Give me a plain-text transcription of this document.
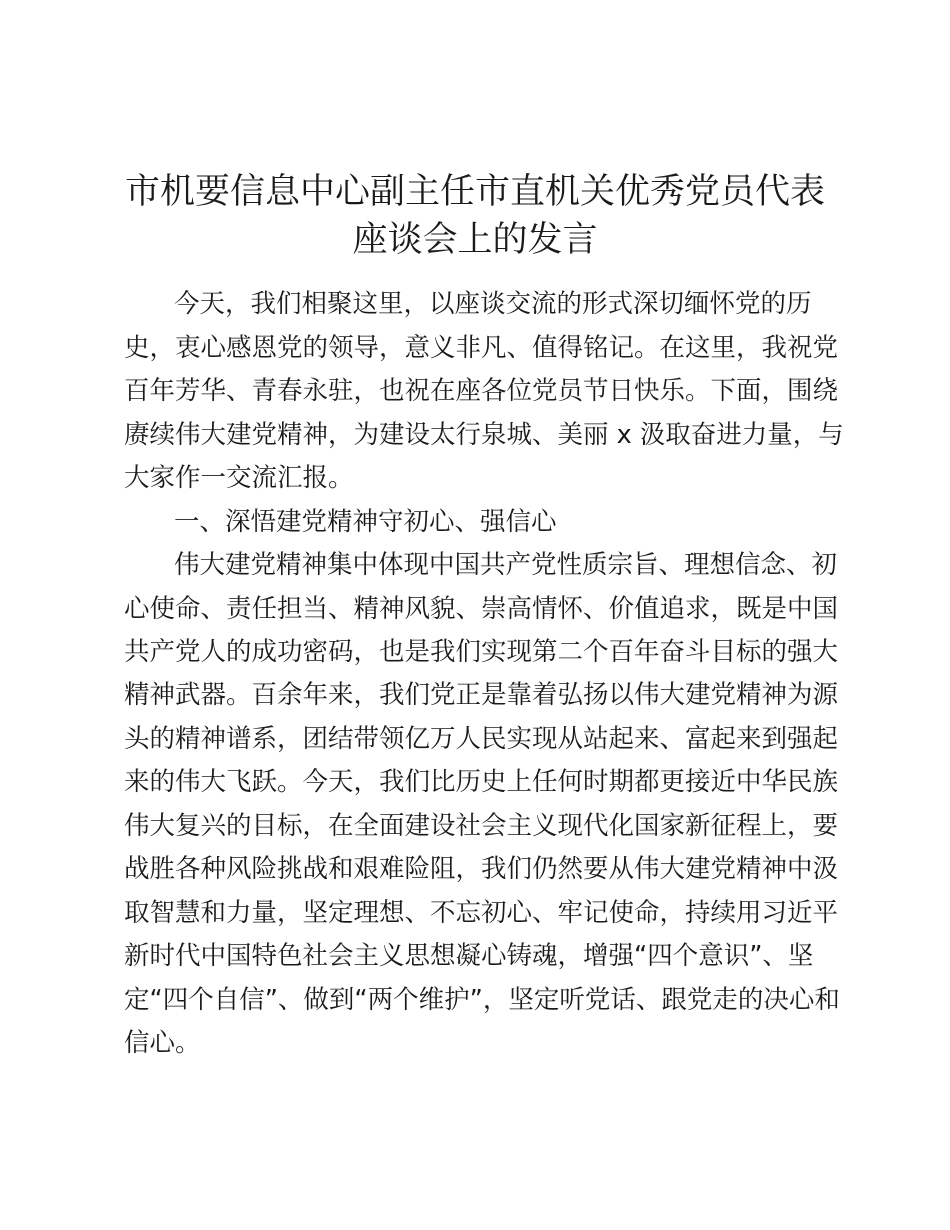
市机要信息中心副主任市直机关优秀党员代表
座谈会上的发言

今天，我们相聚这里，以座谈交流的形式深切缅怀党的历

史，衷心感恩党的领导，意义非凡、值得铭记。在这里，我祝党

百年芳华、青春永驻，也祝在座各位党员节日快乐。下面，围绕

赓续伟大建党精神，为建设太行泉城、美丽 x 汲取奋进力量，与

大家作一交流汇报。

一、深悟建党精神守初心、强信心

伟大建党精神集中体现中国共产党性质宗旨、理想信念、初

心使命、责任担当、精神风貌、崇高情怀、价值追求，既是中国

共产党人的成功密码，也是我们实现第二个百年奋斗目标的强大

精神武器。百余年来，我们党正是靠着弘扬以伟大建党精神为源

头的精神谱系，团结带领亿万人民实现从站起来、富起来到强起

来的伟大飞跃。今天，我们比历史上任何时期都更接近中华民族

伟大复兴的目标，在全面建设社会主义现代化国家新征程上，要

战胜各种风险挑战和艰难险阻，我们仍然要从伟大建党精神中汲

取智慧和力量，坚定理想、不忘初心、牢记使命，持续用习近平

新时代中国特色社会主义思想凝心铸魂，增强“四个意识”、坚

定“四个自信”、做到“两个维护”，坚定听党话、跟党走的决心和

信心。
